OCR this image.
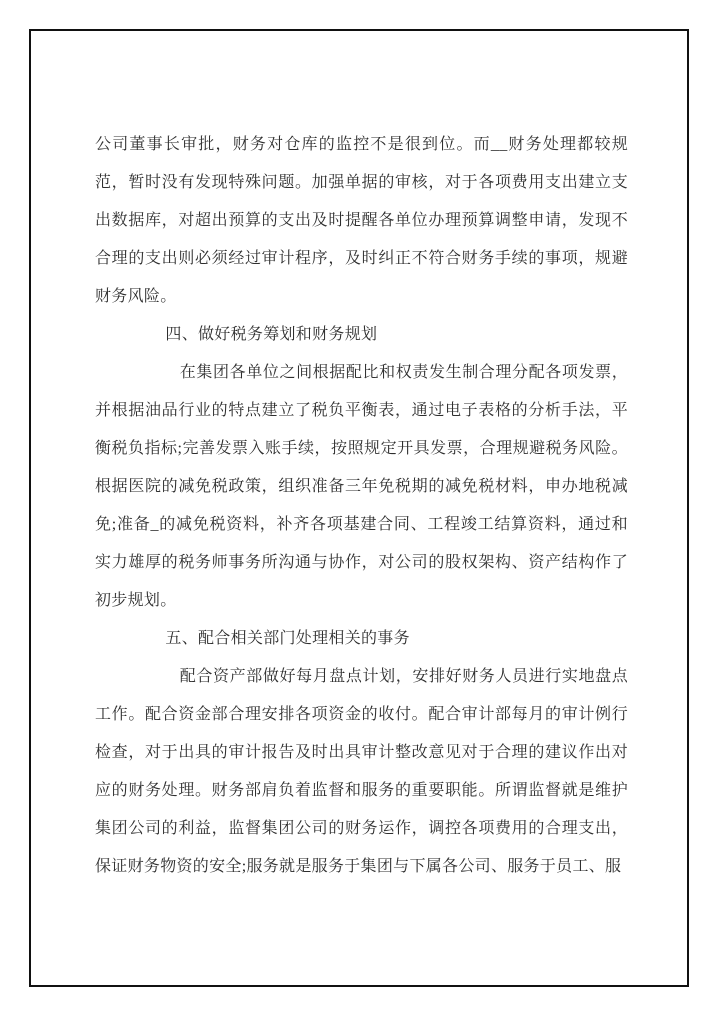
公司董事长审批，财务对仓库的监控不是很到位。而__财务处理都较规范，暂时没有发现特殊问题。加强单据的审核，对于各项费用支出建立支出数据库，对超出预算的支出及时提醒各单位办理预算调整申请，发现不合理的支出则必须经过审计程序，及时纠正不符合财务手续的事项，规避财务风险。

四、做好税务筹划和财务规划

在集团各单位之间根据配比和权责发生制合理分配各项发票，并根据油品行业的特点建立了税负平衡表，通过电子表格的分析手法，平衡税负指标;完善发票入账手续，按照规定开具发票，合理规避税务风险。根据医院的减免税政策，组织准备三年免税期的减免税材料，申办地税减免;准备_的减免税资料，补齐各项基建合同、工程竣工结算资料，通过和实力雄厚的税务师事务所沟通与协作，对公司的股权架构、资产结构作了初步规划。

五、配合相关部门处理相关的事务

配合资产部做好每月盘点计划，安排好财务人员进行实地盘点工作。配合资金部合理安排各项资金的收付。配合审计部每月的审计例行检查，对于出具的审计报告及时出具审计整改意见对于合理的建议作出对应的财务处理。财务部肩负着监督和服务的重要职能。所谓监督就是维护集团公司的利益，监督集团公司的财务运作，调控各项费用的合理支出，保证财务物资的安全;服务就是服务于集团与下属各公司、服务于员工、服
